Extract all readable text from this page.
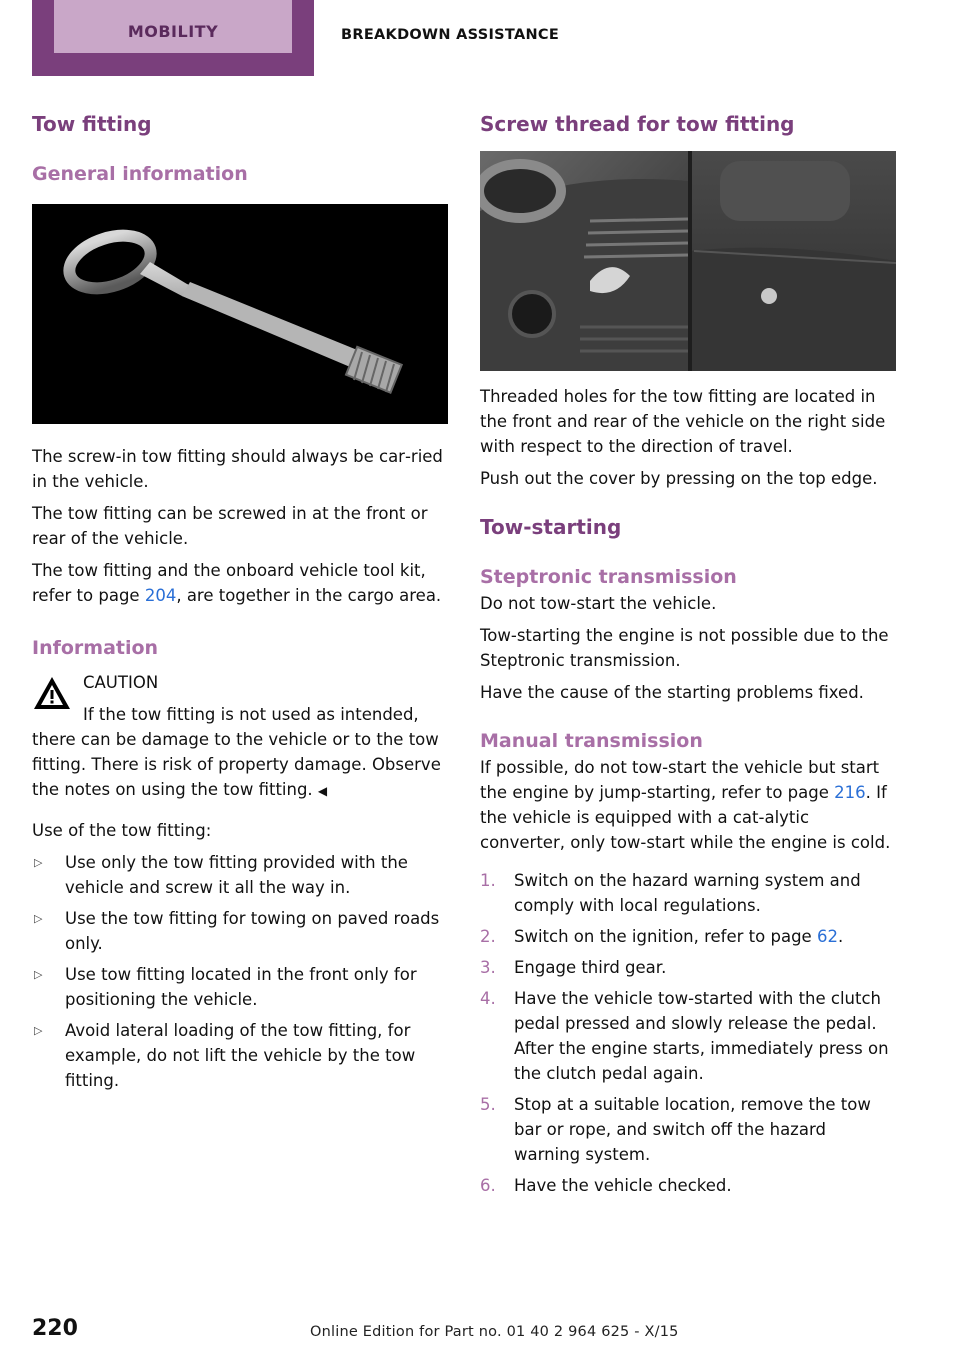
MOBILITY	BREAKDOWN ASSISTANCE
Tow fitting
General information

The screw-in tow fitting should always be car‐ried in the vehicle.

The tow fitting can be screwed in at the front or rear of the vehicle.

The tow fitting and the onboard vehicle tool kit, refer to page 204, are together in the cargo area.

Information
CAUTION

If the tow fitting is not used as intended, there can be damage to the vehicle or to the tow fitting. There is risk of property damage. Observe the notes on using the tow fitting. ◀

Use of the tow fitting:

▷ Use only the tow fitting provided with the vehicle and screw it all the way in.
▷ Use the tow fitting for towing on paved roads only.
▷ Use tow fitting located in the front only for positioning the vehicle.
▷ Avoid lateral loading of the tow fitting, for example, do not lift the vehicle by the tow fitting.
Screw thread for tow fitting

Threaded holes for the tow fitting are located in the front and rear of the vehicle on the right side with respect to the direction of travel.

Push out the cover by pressing on the top edge.

Tow-starting
Steptronic transmission

Do not tow-start the vehicle.

Tow-starting the engine is not possible due to the Steptronic transmission.

Have the cause of the starting problems fixed.

Manual transmission

If possible, do not tow-start the vehicle but start the engine by jump-starting, refer to page 216. If the vehicle is equipped with a cat‐alytic converter, only tow-start while the engine is cold.

1. Switch on the hazard warning system and comply with local regulations.
2. Switch on the ignition, refer to page 62.
3. Engage third gear.
4. Have the vehicle tow-started with the clutch pedal pressed and slowly release the pedal. After the engine starts, immediately press on the clutch pedal again.
5. Stop at a suitable location, remove the tow bar or rope, and switch off the hazard warning system.
6. Have the vehicle checked.
220	Online Edition for Part no. 01 40 2 964 625 - X/15
